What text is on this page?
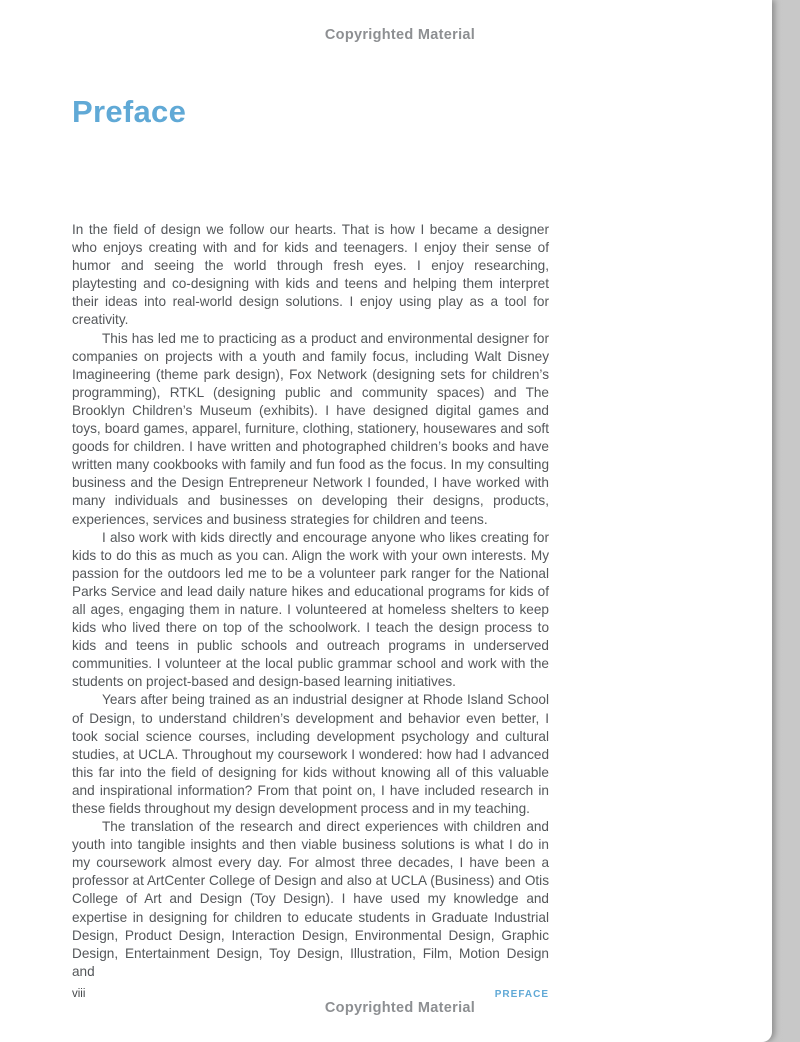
Preface

In the field of design we follow our hearts. That is how I became a designer who enjoys creating with and for kids and teenagers. I enjoy their sense of humor and seeing the world through fresh eyes. I enjoy researching, playtesting and co-designing with kids and teens and helping them interpret their ideas into real-world design solutions. I enjoy using play as a tool for creativity.

This has led me to practicing as a product and environmental designer for companies on projects with a youth and family focus, including Walt Disney Imagineering (theme park design), Fox Network (designing sets for children’s programming), RTKL (designing public and community spaces) and The Brooklyn Children’s Museum (exhibits). I have designed digital games and toys, board games, apparel, furniture, clothing, stationery, housewares and soft goods for children. I have written and photographed children’s books and have written many cookbooks with family and fun food as the focus. In my consulting business and the Design Entrepreneur Network I founded, I have worked with many individuals and businesses on developing their designs, products, experiences, services and business strategies for children and teens.

I also work with kids directly and encourage anyone who likes creating for kids to do this as much as you can. Align the work with your own interests. My passion for the outdoors led me to be a volunteer park ranger for the National Parks Service and lead daily nature hikes and educational programs for kids of all ages, engaging them in nature. I volunteered at homeless shelters to keep kids who lived there on top of the schoolwork. I teach the design process to kids and teens in public schools and outreach programs in underserved communities. I volunteer at the local public grammar school and work with the students on project-based and design-based learning initiatives.

Years after being trained as an industrial designer at Rhode Island School of Design, to understand children’s development and behavior even better, I took social science courses, including development psychology and cultural studies, at UCLA. Throughout my coursework I wondered: how had I advanced this far into the field of designing for kids without knowing all of this valuable and inspirational information? From that point on, I have included research in these fields throughout my design development process and in my teaching.

The translation of the research and direct experiences with children and youth into tangible insights and then viable business solutions is what I do in my coursework almost every day. For almost three decades, I have been a professor at ArtCenter College of Design and also at UCLA (Business) and Otis College of Art and Design (Toy Design). I have used my knowledge and expertise in designing for children to educate students in Graduate Industrial Design, Product Design, Interaction Design, Environmental Design, Graphic Design, Entertainment Design, Toy Design, Illustration, Film, Motion Design and

viii	PREFACE
Copyrighted Material
Copyrighted Material
